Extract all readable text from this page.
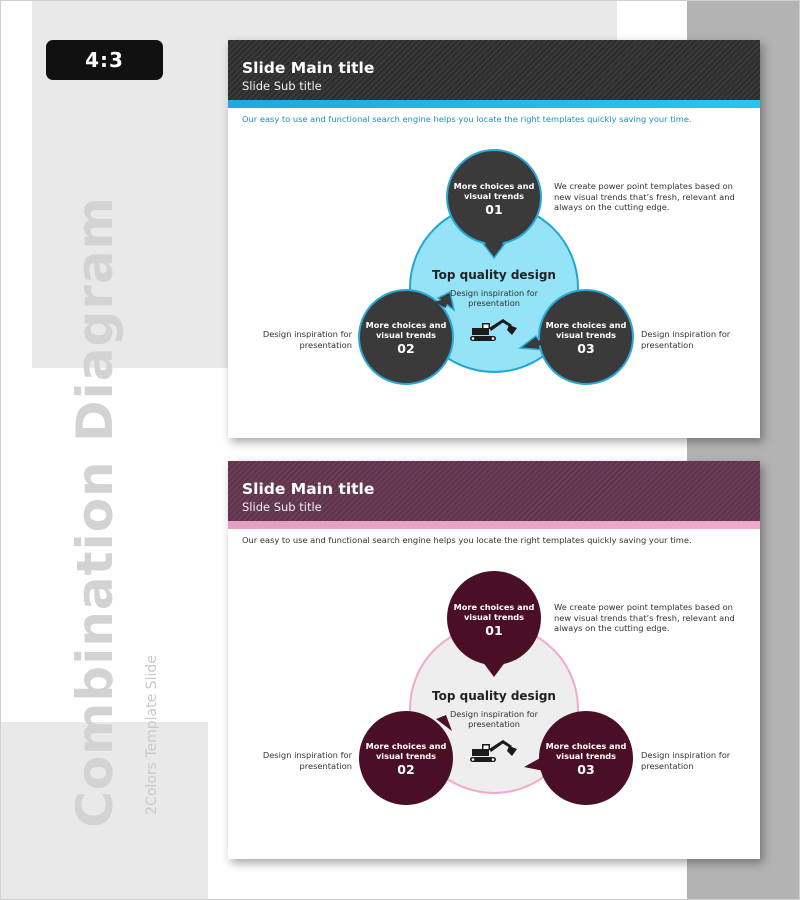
4:3
Combination Diagram 2Colors Template Slide
Slide Main title
Slide Sub title
Our easy to use and functional search engine helps you locate the right templates quickly saving your time.
More choices and
visual trends
01
More choices and
visual trends
02
More choices and
visual trends
03
Top quality design
Design inspiration for
presentation
We create power point templates based on
new visual trends that’s fresh, relevant and
always on the cutting edge.
Design inspiration for
presentation
Design inspiration for
presentation
Slide Main title
Slide Sub title
Our easy to use and functional search engine helps you locate the right templates quickly saving your time.
More choices and
visual trends
01
More choices and
visual trends
02
More choices and
visual trends
03
Top quality design
Design inspiration for
presentation
We create power point templates based on
new visual trends that’s fresh, relevant and
always on the cutting edge.
Design inspiration for
presentation
Design inspiration for
presentation
